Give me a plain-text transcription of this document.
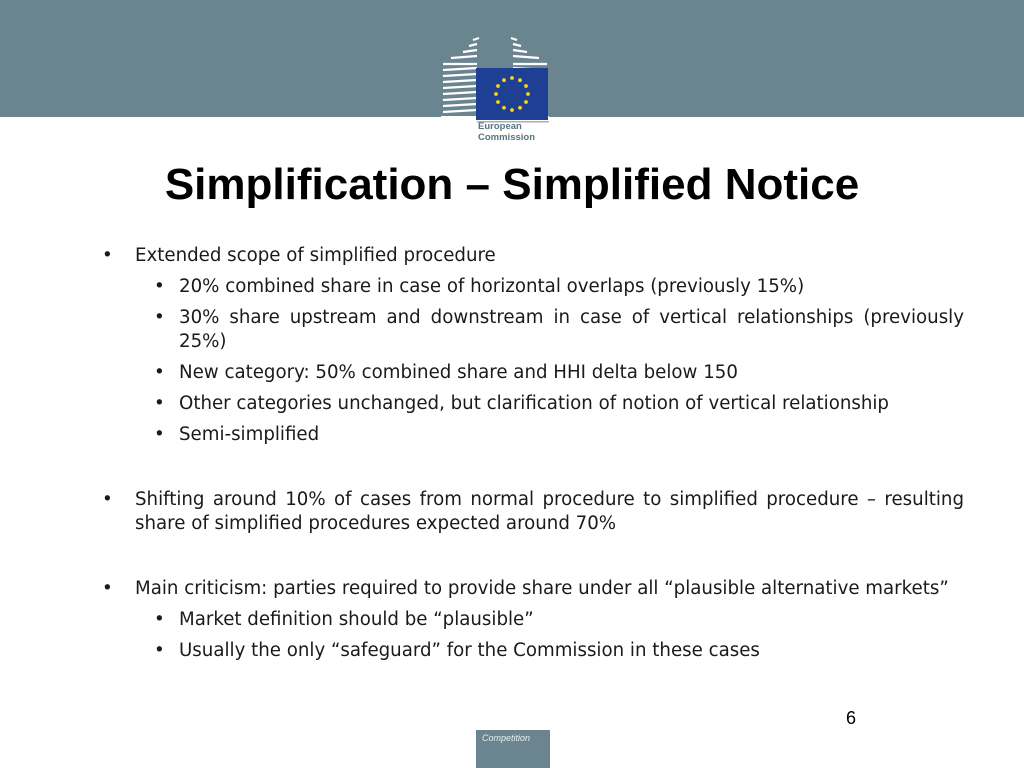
European
Commission
Simplification – Simplified Notice
• Extended scope of simplified procedure
• 20% combined share in case of horizontal overlaps (previously 15%)
• 30% share upstream and downstream in case of vertical relationships (previously 25%)
• New category: 50% combined share and HHI delta below 150
• Other categories unchanged, but clarification of notion of vertical relationship
• Semi-simplified
• Shifting around 10% of cases from normal procedure to simplified procedure – resulting share of simplified procedures expected around 70%
• Main criticism: parties required to provide share under all “plausible alternative markets”
• Market definition should be “plausible”
• Usually the only “safeguard” for the Commission in these cases
6
Competition
